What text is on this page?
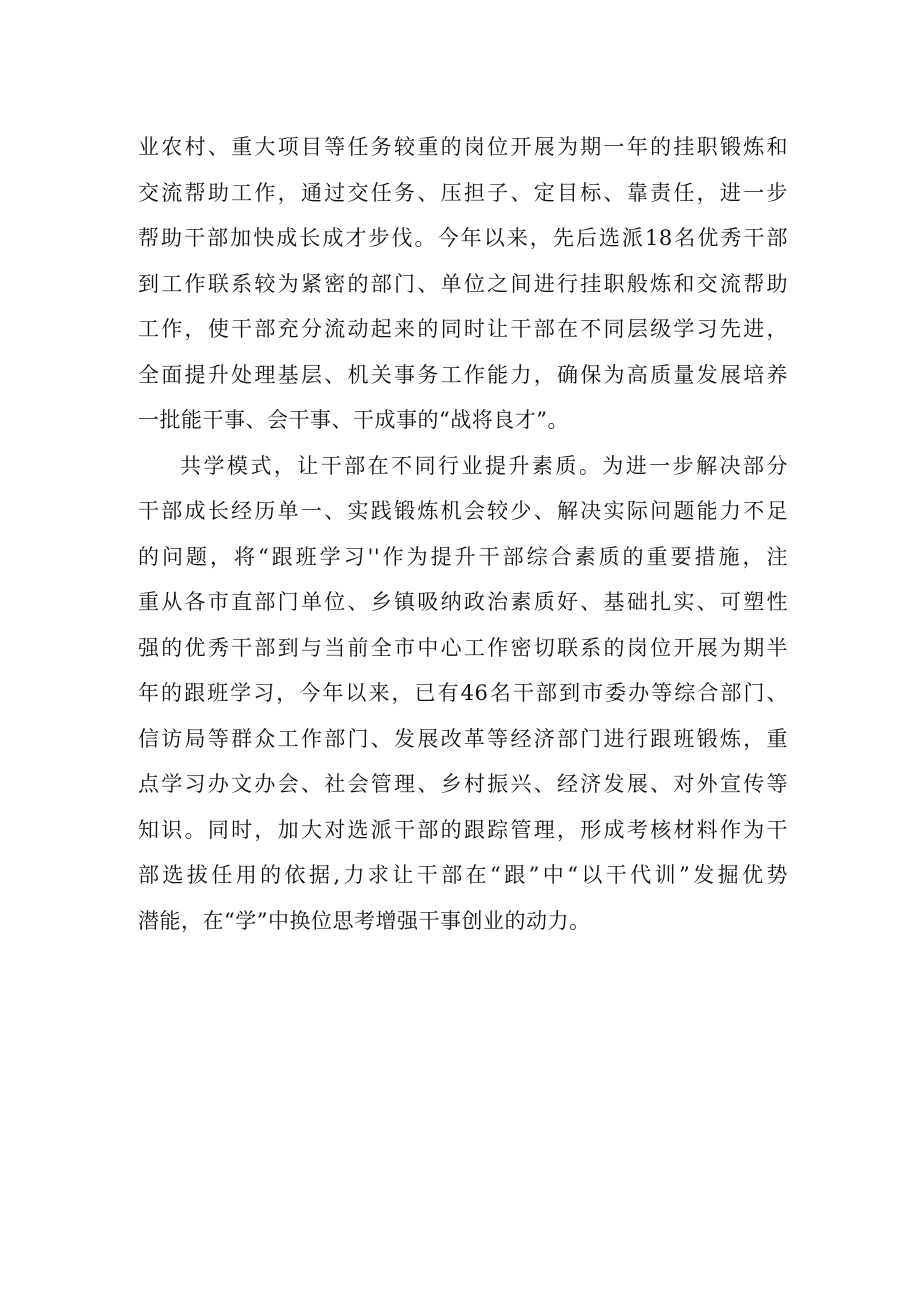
业农村、重大项目等任务较重的岗位开展为期一年的挂职锻炼和
交流帮助工作，通过交任务、压担子、定目标、靠责任，进一步
帮助干部加快成长成才步伐。今年以来，先后选派18名优秀干部
到工作联系较为紧密的部门、单位之间进行挂职般炼和交流帮助
工作，使干部充分流动起来的同时让干部在不同层级学习先进，
全面提升处理基层、机关事务工作能力，确保为高质量发展培养
一批能干事、会干事、干成事的“战将良才”。
共学模式，让干部在不同行业提升素质。为进一步解决部分
干部成长经历单一、实践锻炼机会较少、解决实际问题能力不足
的问题，将“跟班学习''作为提升干部综合素质的重要措施，注
重从各市直部门单位、乡镇吸纳政治素质好、基础扎实、可塑性
强的优秀干部到与当前全市中心工作密切联系的岗位开展为期半
年的跟班学习，今年以来，已有46名干部到市委办等综合部门、
信访局等群众工作部门、发展改革等经济部门进行跟班锻炼，重
点学习办文办会、社会管理、乡村振兴、经济发展、对外宣传等
知识。同时，加大对选派干部的跟踪管理，形成考核材料作为干
部选拔任用的依据,力求让干部在“跟”中“以干代训”发掘优势
潜能，在“学”中换位思考增强干事创业的动力。
